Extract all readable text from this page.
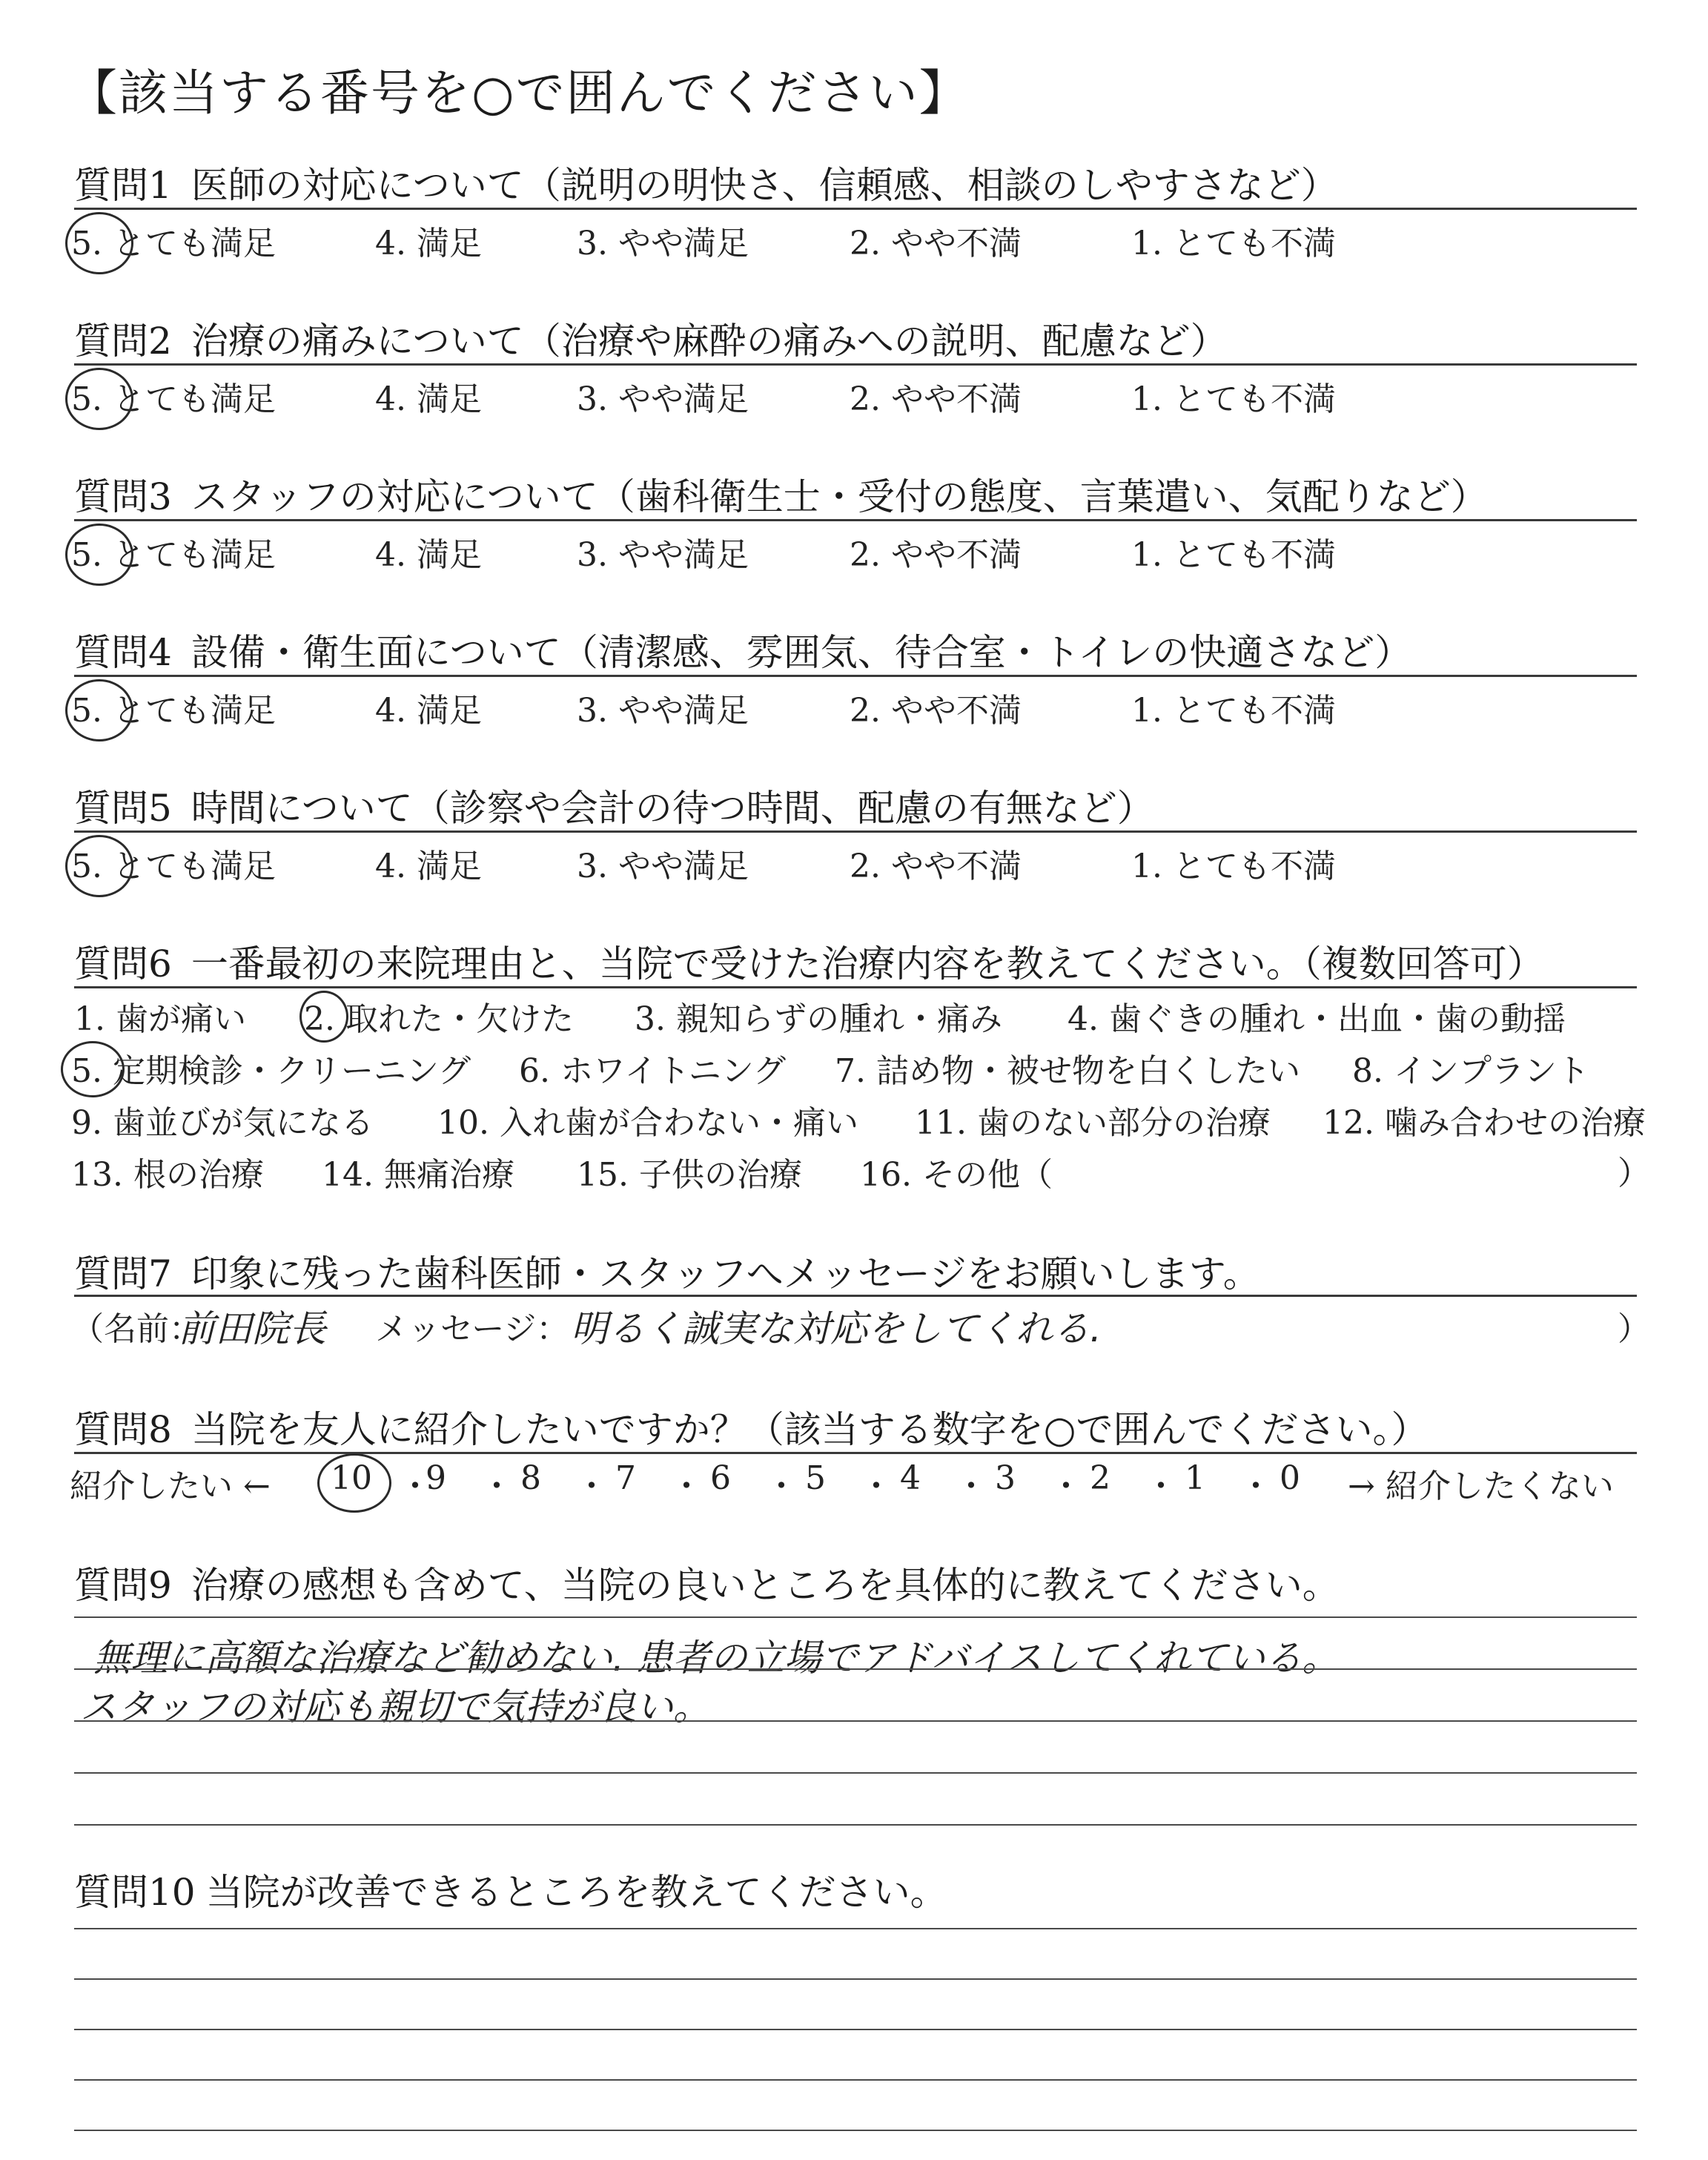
【該当する番号を○で囲んでください】
質問1 医師の対応について（説明の明快さ、信頼感、相談のしやすさなど）
5. とても満足	4. 満足	3. やや満足	2. やや不満	1. とても不満
質問2 治療の痛みについて（治療や麻酔の痛みへの説明、配慮など）
5. とても満足	4. 満足	3. やや満足	2. やや不満	1. とても不満
質問3 スタッフの対応について（歯科衛生士・受付の態度、言葉遣い、気配りなど）
5. とても満足	4. 満足	3. やや満足	2. やや不満	1. とても不満
質問4 設備・衛生面について（清潔感、雰囲気、待合室・トイレの快適さなど）
5. とても満足	4. 満足	3. やや満足	2. やや不満	1. とても不満
質問5 時間について（診察や会計の待つ時間、配慮の有無など）
5. とても満足	4. 満足	3. やや満足	2. やや不満	1. とても不満
質問6 一番最初の来院理由と、当院で受けた治療内容を教えてください。（複数回答可）
1. 歯が痛い 2. 取れた・欠けた 3. 親知らずの腫れ・痛み 4. 歯ぐきの腫れ・出血・歯の動揺
5. 定期検診・クリーニング 6. ホワイトニング 7. 詰め物・被せ物を白くしたい 8. インプラント
9. 歯並びが気になる 10. 入れ歯が合わない・痛い 11. 歯のない部分の治療 12. 噛み合わせの治療
13. 根の治療 14. 無痛治療 15. 子供の治療 16. その他（	）
質問7 印象に残った歯科医師・スタッフへメッセージをお願いします。
（名前：
前田院長 メッセージ： 明るく誠実な対応をしてくれる.	）
質問8 当院を友人に紹介したいですか？（該当する数字を○で囲んでください。）
紹介したい ← 10 ・
9 ・ 8 ・ 7 ・ 6 ・ 5 ・ 4 ・ 3 ・ 2 ・ 1 ・ 0 → 紹介したくない
質問9 治療の感想も含めて、当院の良いところを具体的に教えてください。
無理に高額な治療など勧めない. 患者の立場でアドバイスしてくれている。
スタッフの対応も親切で気持が良い。
質問10 当院が改善できるところを教えてください。
